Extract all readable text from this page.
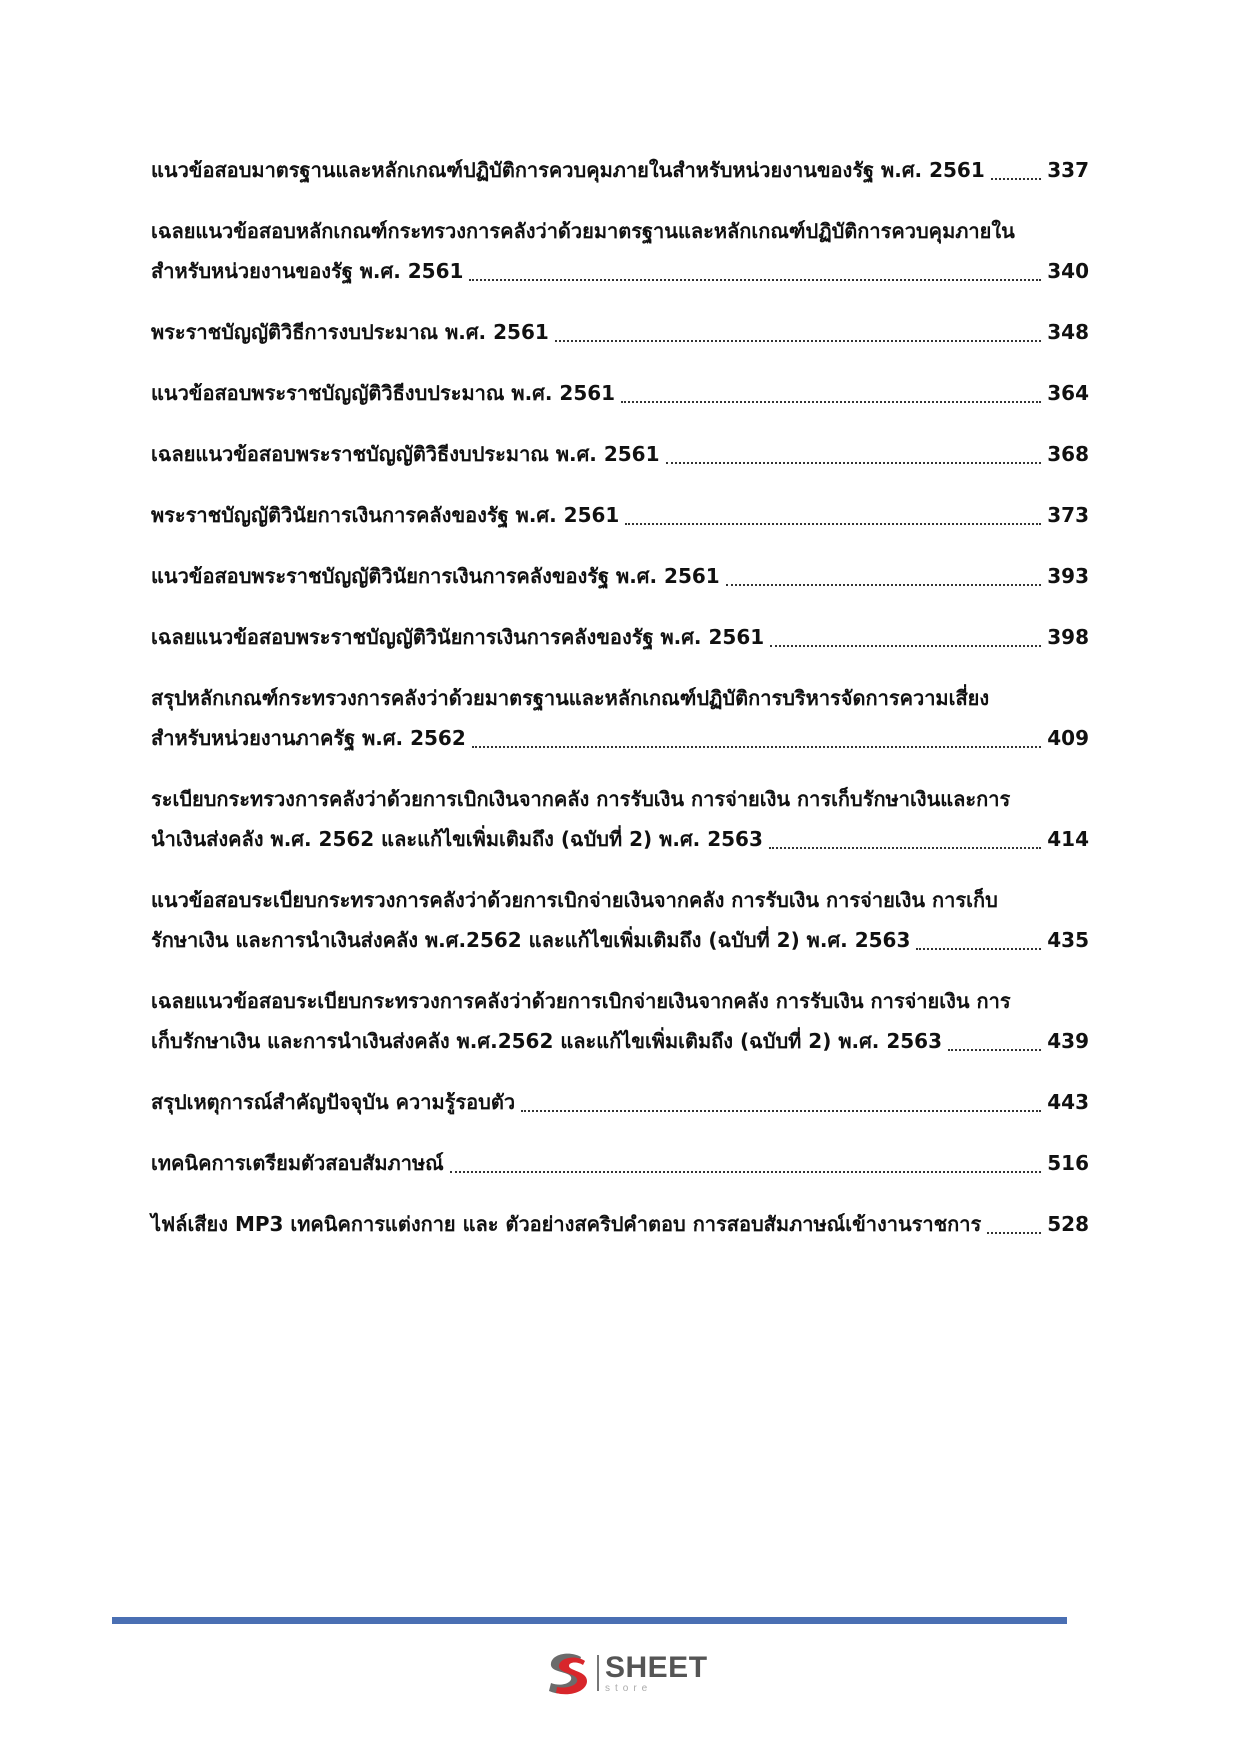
แนวข้อสอบมาตรฐานและหลักเกณฑ์ปฏิบัติการควบคุมภายในสำหรับหน่วยงานของรัฐ พ.ศ. 2561	337
เฉลยแนวข้อสอบหลักเกณฑ์กระทรวงการคลังว่าด้วยมาตรฐานและหลักเกณฑ์ปฏิบัติการควบคุมภายใน
สำหรับหน่วยงานของรัฐ พ.ศ. 2561	340
พระราชบัญญัติวิธีการงบประมาณ พ.ศ. 2561	348
แนวข้อสอบพระราชบัญญัติวิธีงบประมาณ พ.ศ. 2561	364
เฉลยแนวข้อสอบพระราชบัญญัติวิธีงบประมาณ พ.ศ. 2561	368
พระราชบัญญัติวินัยการเงินการคลังของรัฐ พ.ศ. 2561	373
แนวข้อสอบพระราชบัญญัติวินัยการเงินการคลังของรัฐ พ.ศ. 2561	393
เฉลยแนวข้อสอบพระราชบัญญัติวินัยการเงินการคลังของรัฐ พ.ศ. 2561	398
สรุปหลักเกณฑ์กระทรวงการคลังว่าด้วยมาตรฐานและหลักเกณฑ์ปฏิบัติการบริหารจัดการความเสี่ยง
สำหรับหน่วยงานภาครัฐ พ.ศ. 2562	409
ระเบียบกระทรวงการคลังว่าด้วยการเบิกเงินจากคลัง การรับเงิน การจ่ายเงิน การเก็บรักษาเงินและการ
นำเงินส่งคลัง พ.ศ. 2562 และแก้ไขเพิ่มเติมถึง (ฉบับที่ 2) พ.ศ. 2563	414
แนวข้อสอบระเบียบกระทรวงการคลังว่าด้วยการเบิกจ่ายเงินจากคลัง การรับเงิน การจ่ายเงิน การเก็บ
รักษาเงิน และการนำเงินส่งคลัง พ.ศ.2562 และแก้ไขเพิ่มเติมถึง (ฉบับที่ 2) พ.ศ. 2563	435
เฉลยแนวข้อสอบระเบียบกระทรวงการคลังว่าด้วยการเบิกจ่ายเงินจากคลัง การรับเงิน การจ่ายเงิน การ
เก็บรักษาเงิน และการนำเงินส่งคลัง พ.ศ.2562 และแก้ไขเพิ่มเติมถึง (ฉบับที่ 2) พ.ศ. 2563	439
สรุปเหตุการณ์สำคัญปัจจุบัน ความรู้รอบตัว	443
เทคนิคการเตรียมตัวสอบสัมภาษณ์	516
ไฟล์เสียง MP3 เทคนิคการแต่งกาย และ ตัวอย่างสคริปคำตอบ การสอบสัมภาษณ์เข้างานราชการ	528
SHEET
store
